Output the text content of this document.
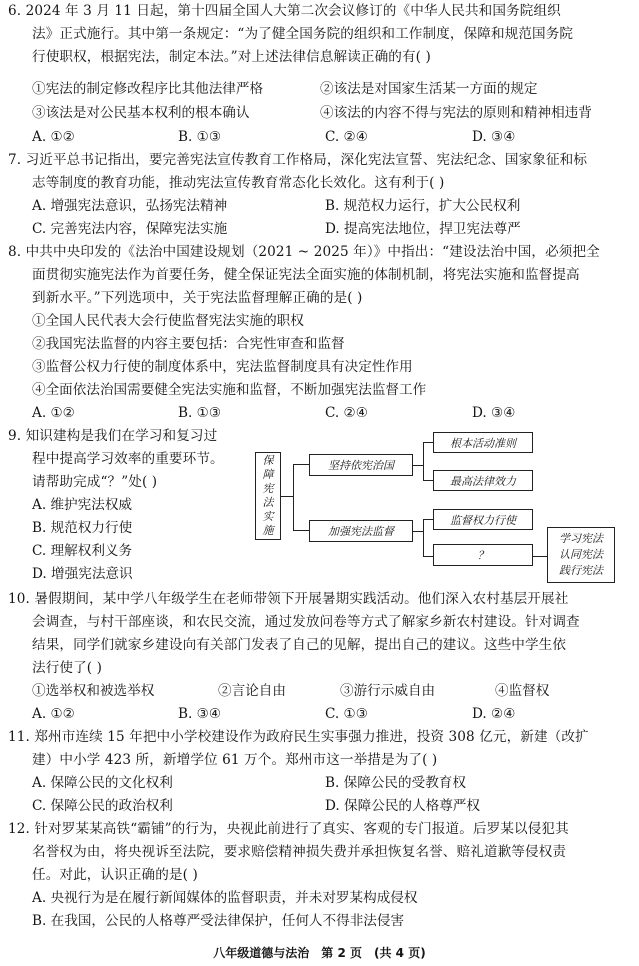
6. 2024 年 3 月 11 日起，第十四届全国人大第二次会议修订的《中华人民共和国务院组织
法》正式施行。其中第一条规定：“为了健全国务院的组织和工作制度，保障和规范国务院
行使职权，根据宪法，制定本法。”对上述法律信息解读正确的有( )
①宪法的制定修改程序比其他法律严格	②该法是对国家生活某一方面的规定
③该法是对公民基本权利的根本确认	④该法的内容不得与宪法的原则和精神相违背
A. ①②	B. ①③	C. ②④	D. ③④
7. 习近平总书记指出，要完善宪法宣传教育工作格局，深化宪法宣誓、宪法纪念、国家象征和标
志等制度的教育功能，推动宪法宣传教育常态化长效化。这有利于( )
A. 增强宪法意识，弘扬宪法精神	B. 规范权力运行，扩大公民权利
C. 完善宪法内容，保障宪法实施	D. 提高宪法地位，捍卫宪法尊严
8. 中共中央印发的《法治中国建设规划（2021 ~ 2025 年）》中指出：“建设法治中国，必须把全
面贯彻实施宪法作为首要任务，健全保证宪法全面实施的体制机制，将宪法实施和监督提高
到新水平。”下列选项中，关于宪法监督理解正确的是( )
①全国人民代表大会行使监督宪法实施的职权
②我国宪法监督的内容主要包括：合宪性审查和监督
③监督公权力行使的制度体系中，宪法监督制度具有决定性作用
④全面依法治国需要健全宪法实施和监督，不断加强宪法监督工作
A. ①②	B. ①③	C. ②④	D. ③④
9. 知识建构是我们在学习和复习过
程中提高学习效率的重要环节。
请帮助完成“？”处( )
A. 维护宪法权威
B. 规范权力行使
C. 理解权利义务
D. 增强宪法意识
保
障
宪
法
实
施
坚持依宪治国
加强宪法监督
根本活动准则
最高法律效力
监督权力行使
？
学习宪法
认同宪法
践行宪法
10. 暑假期间，某中学八年级学生在老师带领下开展暑期实践活动。他们深入农村基层开展社
会调查，与村干部座谈，和农民交流，通过发放问卷等方式了解家乡新农村建设。针对调查
结果，同学们就家乡建设向有关部门发表了自己的见解，提出自己的建议。这些中学生依
法行使了( )
①选举权和被选举权	②言论自由	③游行示威自由	④监督权
A. ①②	B. ③④	C. ①③	D. ②④
11. 郑州市连续 15 年把中小学校建设作为政府民生实事强力推进，投资 308 亿元，新建（改扩
建）中小学 423 所，新增学位 61 万个。郑州市这一举措是为了( )
A. 保障公民的文化权利	B. 保障公民的受教育权
C. 保障公民的政治权利	D. 保障公民的人格尊严权
12. 针对罗某某高铁“霸铺”的行为，央视此前进行了真实、客观的专门报道。后罗某以侵犯其
名誉权为由，将央视诉至法院，要求赔偿精神损失费并承担恢复名誉、赔礼道歉等侵权责
任。对此，认识正确的是( )
A. 央视行为是在履行新闻媒体的监督职责，并未对罗某构成侵权
B. 在我国，公民的人格尊严受法律保护，任何人不得非法侵害
八年级道德与法治　第 2 页　(共 4 页)
